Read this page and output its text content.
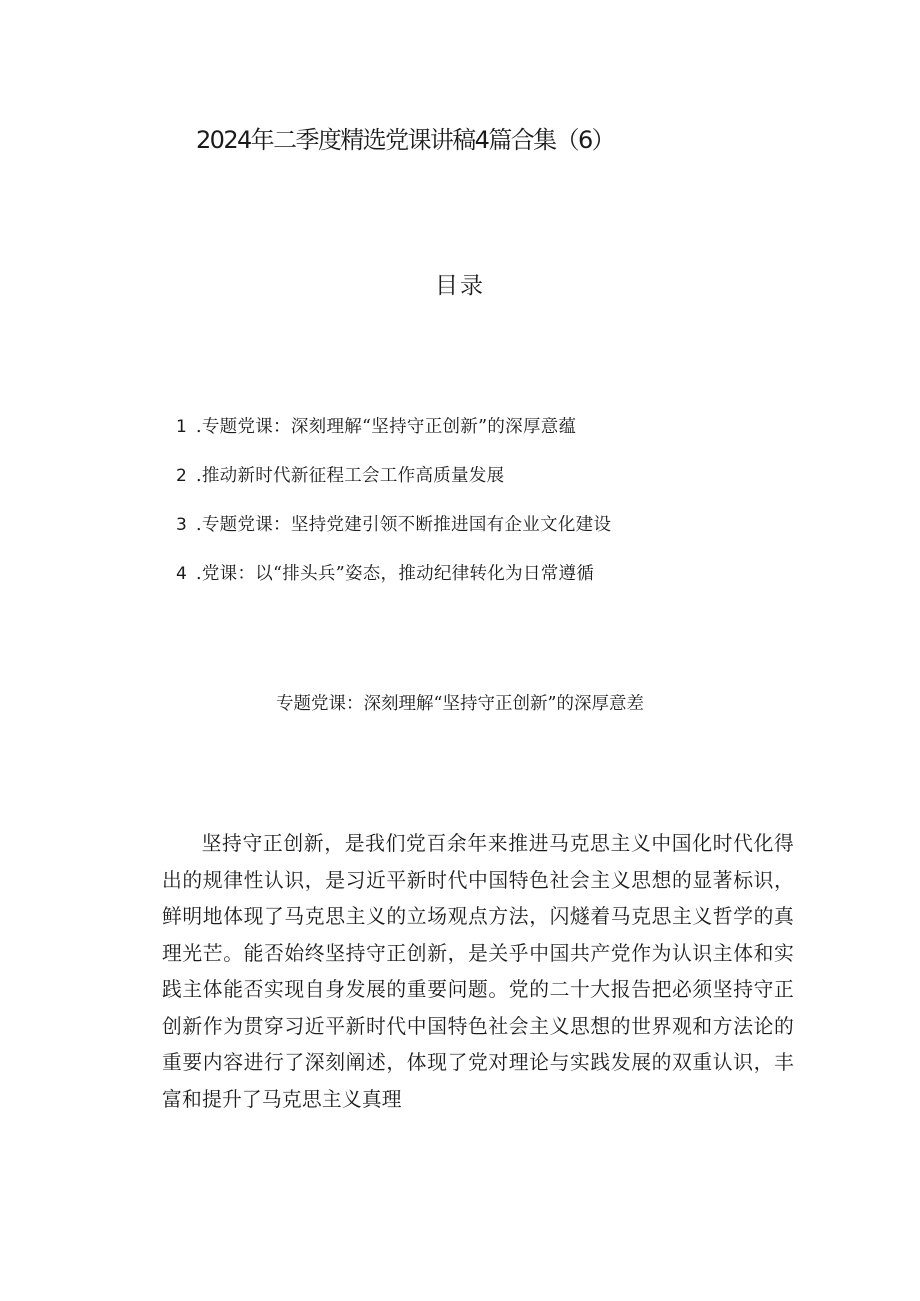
2024年二季度精选党课讲稿4篇合集（6）
目录
1 .专题党课：深刻理解“坚持守正创新”的深厚意蕴
2 .推动新时代新征程工会工作高质量发展
3 .专题党课：坚持党建引领不断推进国有企业文化建设
4 .党课：以“排头兵”姿态，推动纪律转化为日常遵循
专题党课：深刻理解“坚持守正创新”的深厚意差

坚持守正创新，是我们党百余年来推进马克思主义中国化时代化得出的规律性认识，是习近平新时代中国特色社会主义思想的显著标识，鲜明地体现了马克思主义的立场观点方法，闪燧着马克思主义哲学的真理光芒。能否始终坚持守正创新，是关乎中国共产党作为认识主体和实践主体能否实现自身发展的重要问题。党的二十大报告把必须坚持守正创新作为贯穿习近平新时代中国特色社会主义思想的世界观和方法论的重要内容进行了深刻阐述，体现了党对理论与实践发展的双重认识，丰富和提升了马克思主义真理
